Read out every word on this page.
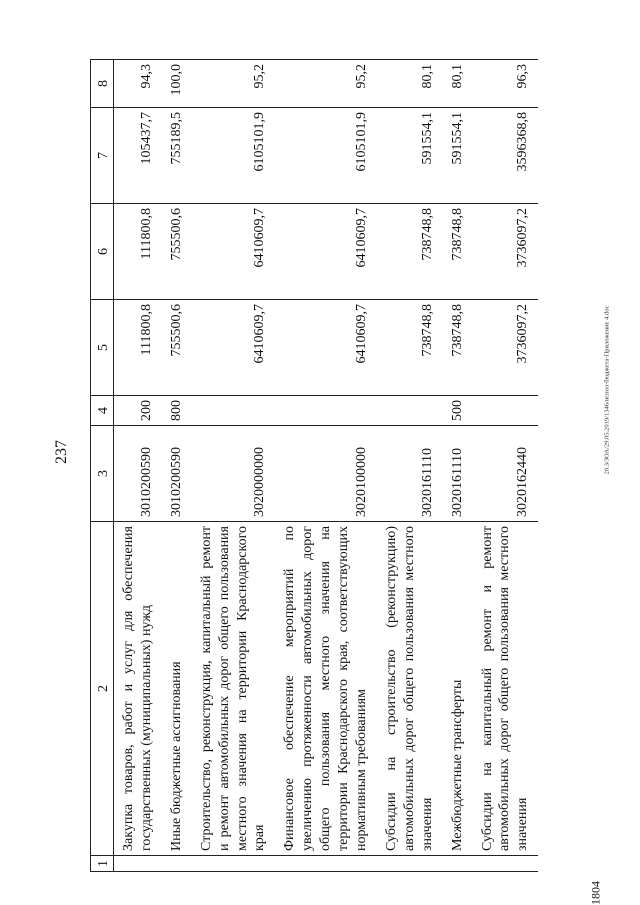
237	20.3/ЗОА/29.05.2019/1346/испол-бюджета-Приложение 4.doc
1804
1	2	3	4	5	6	7	8
	Закупка товаров, работ и услуг для обеспечения государственных (муниципальных) нужд	3010200590	200	111800,8	111800,8	105437,7	94,3
	Иные бюджетные ассигнования	3010200590	800	755500,6	755500,6	755189,5	100,0
	Строительство, реконструкция, капитальный ремонт и ремонт автомобильных дорог общего пользования местного значения на территории Краснодарского края	3020000000		6410609,7	6410609,7	6105101,9	95,2
	Финансовое обеспечение мероприятий по увеличению протяженности автомобильных дорог общего пользования местного значения на территории Краснодарского края, соответствующих нормативным требованиям	3020100000		6410609,7	6410609,7	6105101,9	95,2
	Субсидии на строительство (реконструкцию) автомобильных дорог общего пользования местного значения	3020161110		738748,8	738748,8	591554,1	80,1
	Межбюджетные трансферты	3020161110	500	738748,8	738748,8	591554,1	80,1
	Субсидии на капитальный ремонт и ремонт автомобильных дорог общего пользования местного значения	3020162440		3736097,2	3736097,2	3596368,8	96,3
